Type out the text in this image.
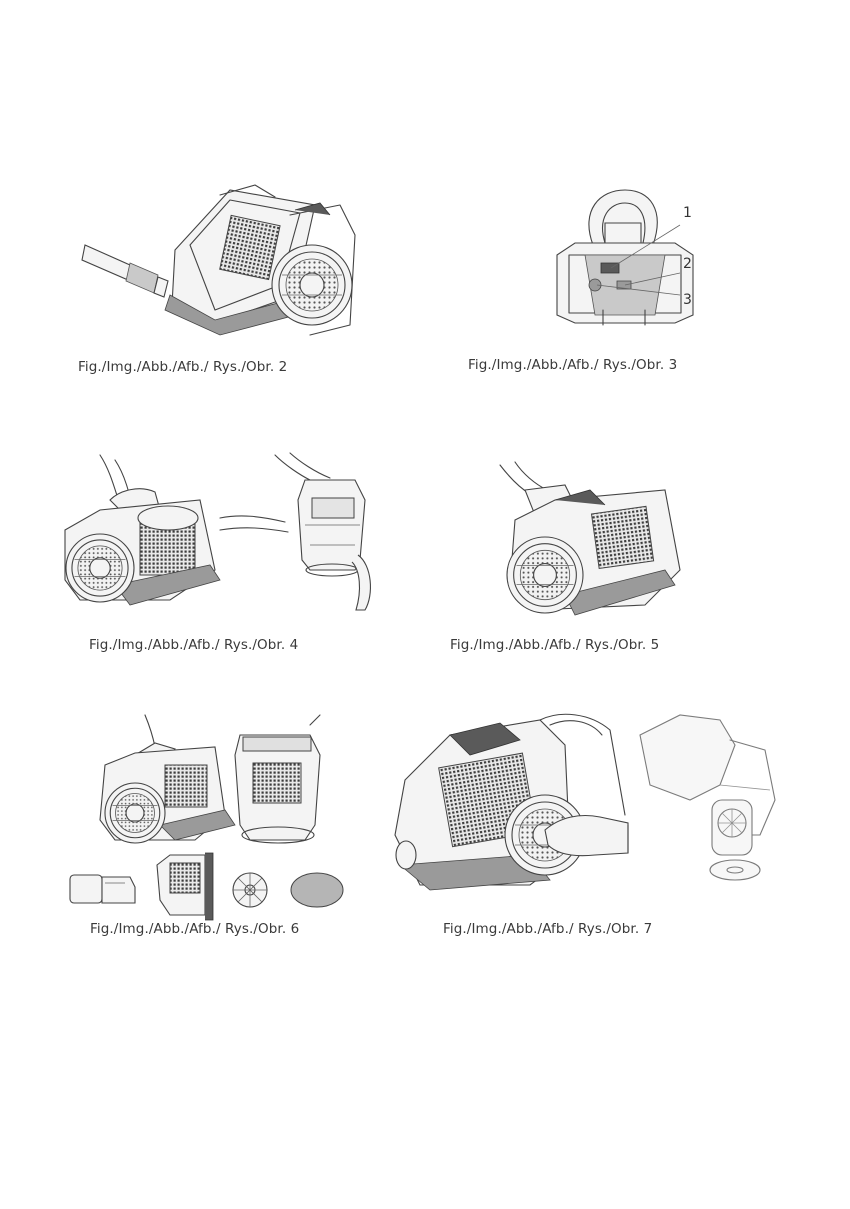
Fig./Img./Abb./Afb./ Rys./Obr. 2
1
2
3
Fig./Img./Abb./Afb./ Rys./Obr. 3
Fig./Img./Abb./Afb./ Rys./Obr. 4	Fig./Img./Abb./Afb./ Rys./Obr. 5
Fig./Img./Abb./Afb./ Rys./Obr. 6	Fig./Img./Abb./Afb./ Rys./Obr. 7
